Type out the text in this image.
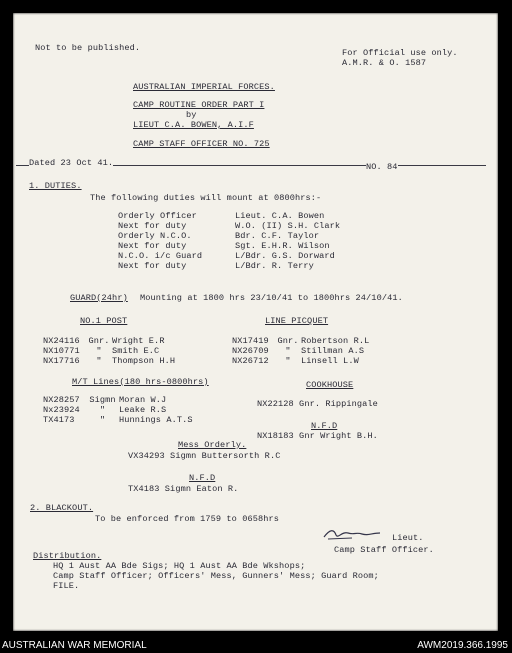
Not to be published.	For Official use only.
A.M.R. & O. 1587
AUSTRALIAN IMPERIAL FORCES.
CAMP ROUTINE ORDER PART I
by
LIEUT C.A. BOWEN, A.I.F
CAMP STAFF OFFICER NO. 725
Dated 23 Oct 41.	NO. 84
1. DUTIES.
The following duties will mount at 0800hrs:-
Orderly Officer	Lieut. C.A. Bowen
Next for duty	W.O. (II) S.H. Clark
Orderly N.C.O.	Bdr. C.F. Taylor
Next for duty	Sgt. E.H.R. Wilson
N.C.O. i/c Guard	L/Bdr. G.S. Dorward
Next for duty	L/Bdr. R. Terry
GUARD(24hr) Mounting at 1800 hrs 23/10/41 to 1800hrs 24/10/41.
NO.1 POST
NX24116	Gnr. Wright E.R
NX10771	"	Smith E.C
NX17716	"	Thompson H.H
LINE PICQUET
NX17419	Gnr. Robertson R.L
NX26709	"	Stillman A.S
NX26712	"	Linsell L.W
M/T Lines(180 hrs-0800hrs)
NX28257	Sigmn Moran W.J
Nx23924	"	Leake R.S
TX4173	"	Hunnings A.T.S
COOKHOUSE
NX22128 Gnr. Rippingale
N.F.D
NX18183 Gnr Wright B.H.
Mess Orderly.
VX34293 Sigmn Buttersorth R.C
N.F.D
TX4183 Sigmn Eaton R.
2. BLACKOUT.
To be enforced from 1759 to 0658hrs
Lieut.
Camp Staff Officer.
Distribution.
HQ 1 Aust AA Bde Sigs; HQ 1 Aust AA Bde Wkshops;
Camp Staff Officer; Officers' Mess, Gunners' Mess; Guard Room;
FILE.
AUSTRALIAN WAR MEMORIAL	AWM2019.366.1995
